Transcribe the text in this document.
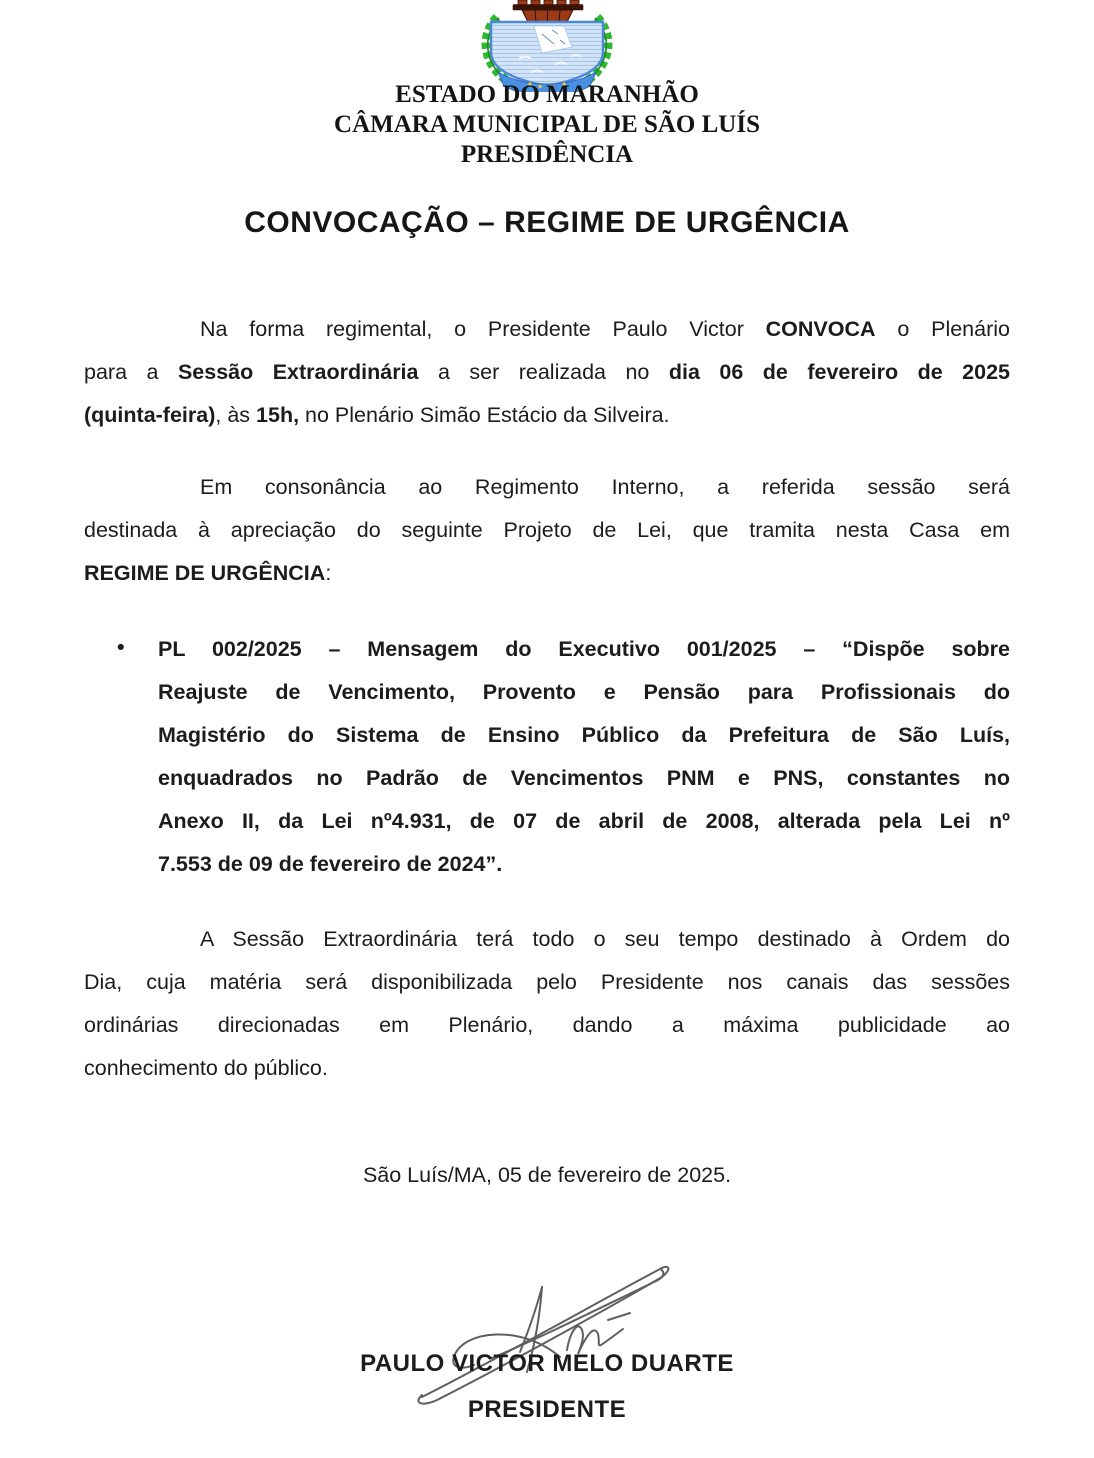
ESTADO DO MARANHÃO
CÂMARA MUNICIPAL DE SÃO LUÍS
PRESIDÊNCIA
CONVOCAÇÃO – REGIME DE URGÊNCIA
Na forma regimental, o Presidente Paulo Victor CONVOCA o Plenário
para a Sessão Extraordinária a ser realizada no dia 06 de fevereiro de 2025
(quinta-feira), às 15h, no Plenário Simão Estácio da Silveira.
Em consonância ao Regimento Interno, a referida sessão será
destinada à apreciação do seguinte Projeto de Lei, que tramita nesta Casa em
REGIME DE URGÊNCIA:
• PL 002/2025 – Mensagem do Executivo 001/2025 – “Dispõe sobre
Reajuste de Vencimento, Provento e Pensão para Profissionais do
Magistério do Sistema de Ensino Público da Prefeitura de São Luís,
enquadrados no Padrão de Vencimentos PNM e PNS, constantes no
Anexo II, da Lei nº4.931, de 07 de abril de 2008, alterada pela Lei nº
7.553 de 09 de fevereiro de 2024”.
A Sessão Extraordinária terá todo o seu tempo destinado à Ordem do
Dia, cuja matéria será disponibilizada pelo Presidente nos canais das sessões
ordinárias direcionadas em Plenário, dando a máxima publicidade ao
conhecimento do público.
São Luís/MA, 05 de fevereiro de 2025.
PAULO VICTOR MELO DUARTE
PRESIDENTE
